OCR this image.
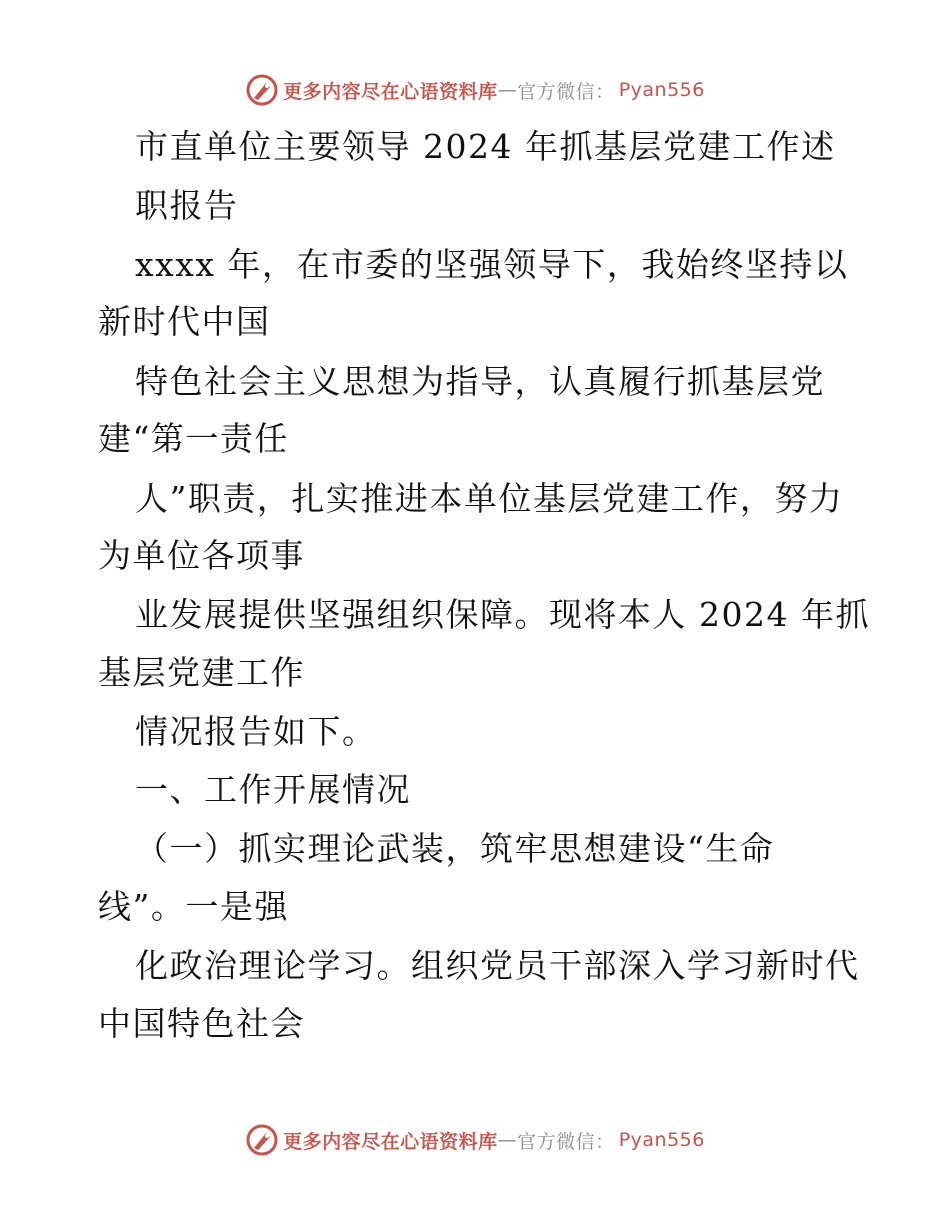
更多内容尽在心语资料库 — 官方微信： Pyan556
市直单位主要领导 2024 年抓基层党建工作述
职报告
xxxx 年，在市委的坚强领导下，我始终坚持以
新时代中国
特色社会主义思想为指导，认真履行抓基层党
建“第一责任
人”职责，扎实推进本单位基层党建工作，努力
为单位各项事
业发展提供坚强组织保障。现将本人 2024 年抓
基层党建工作
情况报告如下。
一、工作开展情况
（一）抓实理论武装，筑牢思想建设“生命
线”。一是强
化政治理论学习。组织党员干部深入学习新时代
中国特色社会
更多内容尽在心语资料库 — 官方微信： Pyan556
